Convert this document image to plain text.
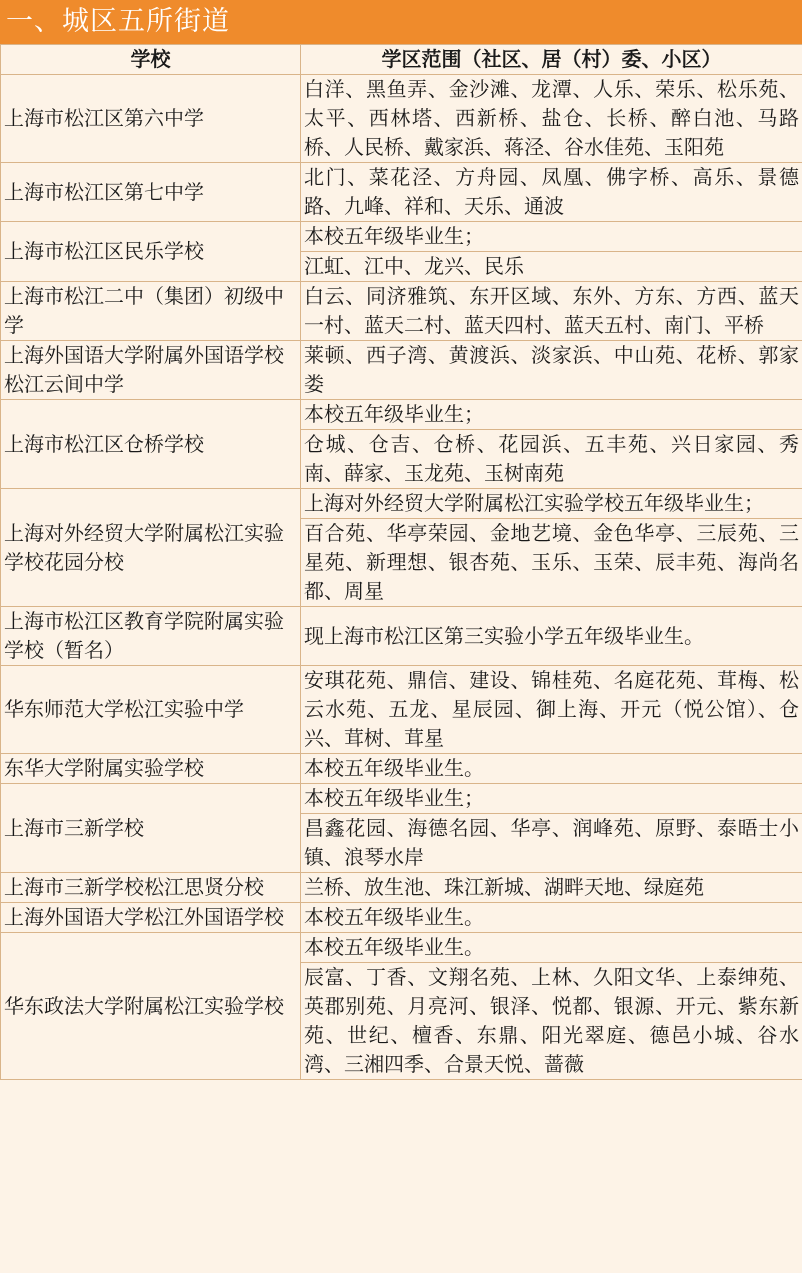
一、城区五所街道
学校	学区范围（社区、居（村）委、小区）
上海市松江区第六中学	白洋、黑鱼弄、金沙滩、龙潭、人乐、荣乐、松乐苑、太平、西林塔、西新桥、盐仓、长桥、醉白池、马路桥、人民桥、戴家浜、蒋泾、谷水佳苑、玉阳苑
上海市松江区第七中学	北门、菜花泾、方舟园、凤凰、佛字桥、高乐、景德路、九峰、祥和、天乐、通波
上海市松江区民乐学校	本校五年级毕业生；
	江虹、江中、龙兴、民乐
上海市松江二中（集团）初级中学	白云、同济雅筑、东开区域、东外、方东、方西、蓝天一村、蓝天二村、蓝天四村、蓝天五村、南门、平桥
上海外国语大学附属外国语学校松江云间中学	莱顿、西子湾、黄渡浜、淡家浜、中山苑、花桥、郭家娄
上海市松江区仓桥学校	本校五年级毕业生；
	仓城、仓吉、仓桥、花园浜、五丰苑、兴日家园、秀南、薛家、玉龙苑、玉树南苑
上海对外经贸大学附属松江实验学校花园分校	上海对外经贸大学附属松江实验学校五年级毕业生；
	百合苑、华亭荣园、金地艺境、金色华亭、三辰苑、三星苑、新理想、银杏苑、玉乐、玉荣、辰丰苑、海尚名都、周星
上海市松江区教育学院附属实验学校（暂名）	现上海市松江区第三实验小学五年级毕业生。
华东师范大学松江实验中学	安琪花苑、鼎信、建设、锦桂苑、名庭花苑、茸梅、松云水苑、五龙、星辰园、御上海、开元（悦公馆）、仓兴、茸树、茸星
东华大学附属实验学校	本校五年级毕业生。
上海市三新学校	本校五年级毕业生；
	昌鑫花园、海德名园、华亭、润峰苑、原野、泰晤士小镇、浪琴水岸
上海市三新学校松江思贤分校	兰桥、放生池、珠江新城、湖畔天地、绿庭苑
上海外国语大学松江外国语学校	本校五年级毕业生。
华东政法大学附属松江实验学校	本校五年级毕业生。
	辰富、丁香、文翔名苑、上林、久阳文华、上泰绅苑、英郡别苑、月亮河、银泽、悦都、银源、开元、紫东新苑、世纪、檀香、东鼎、阳光翠庭、德邑小城、谷水湾、三湘四季、合景天悦、蔷薇
